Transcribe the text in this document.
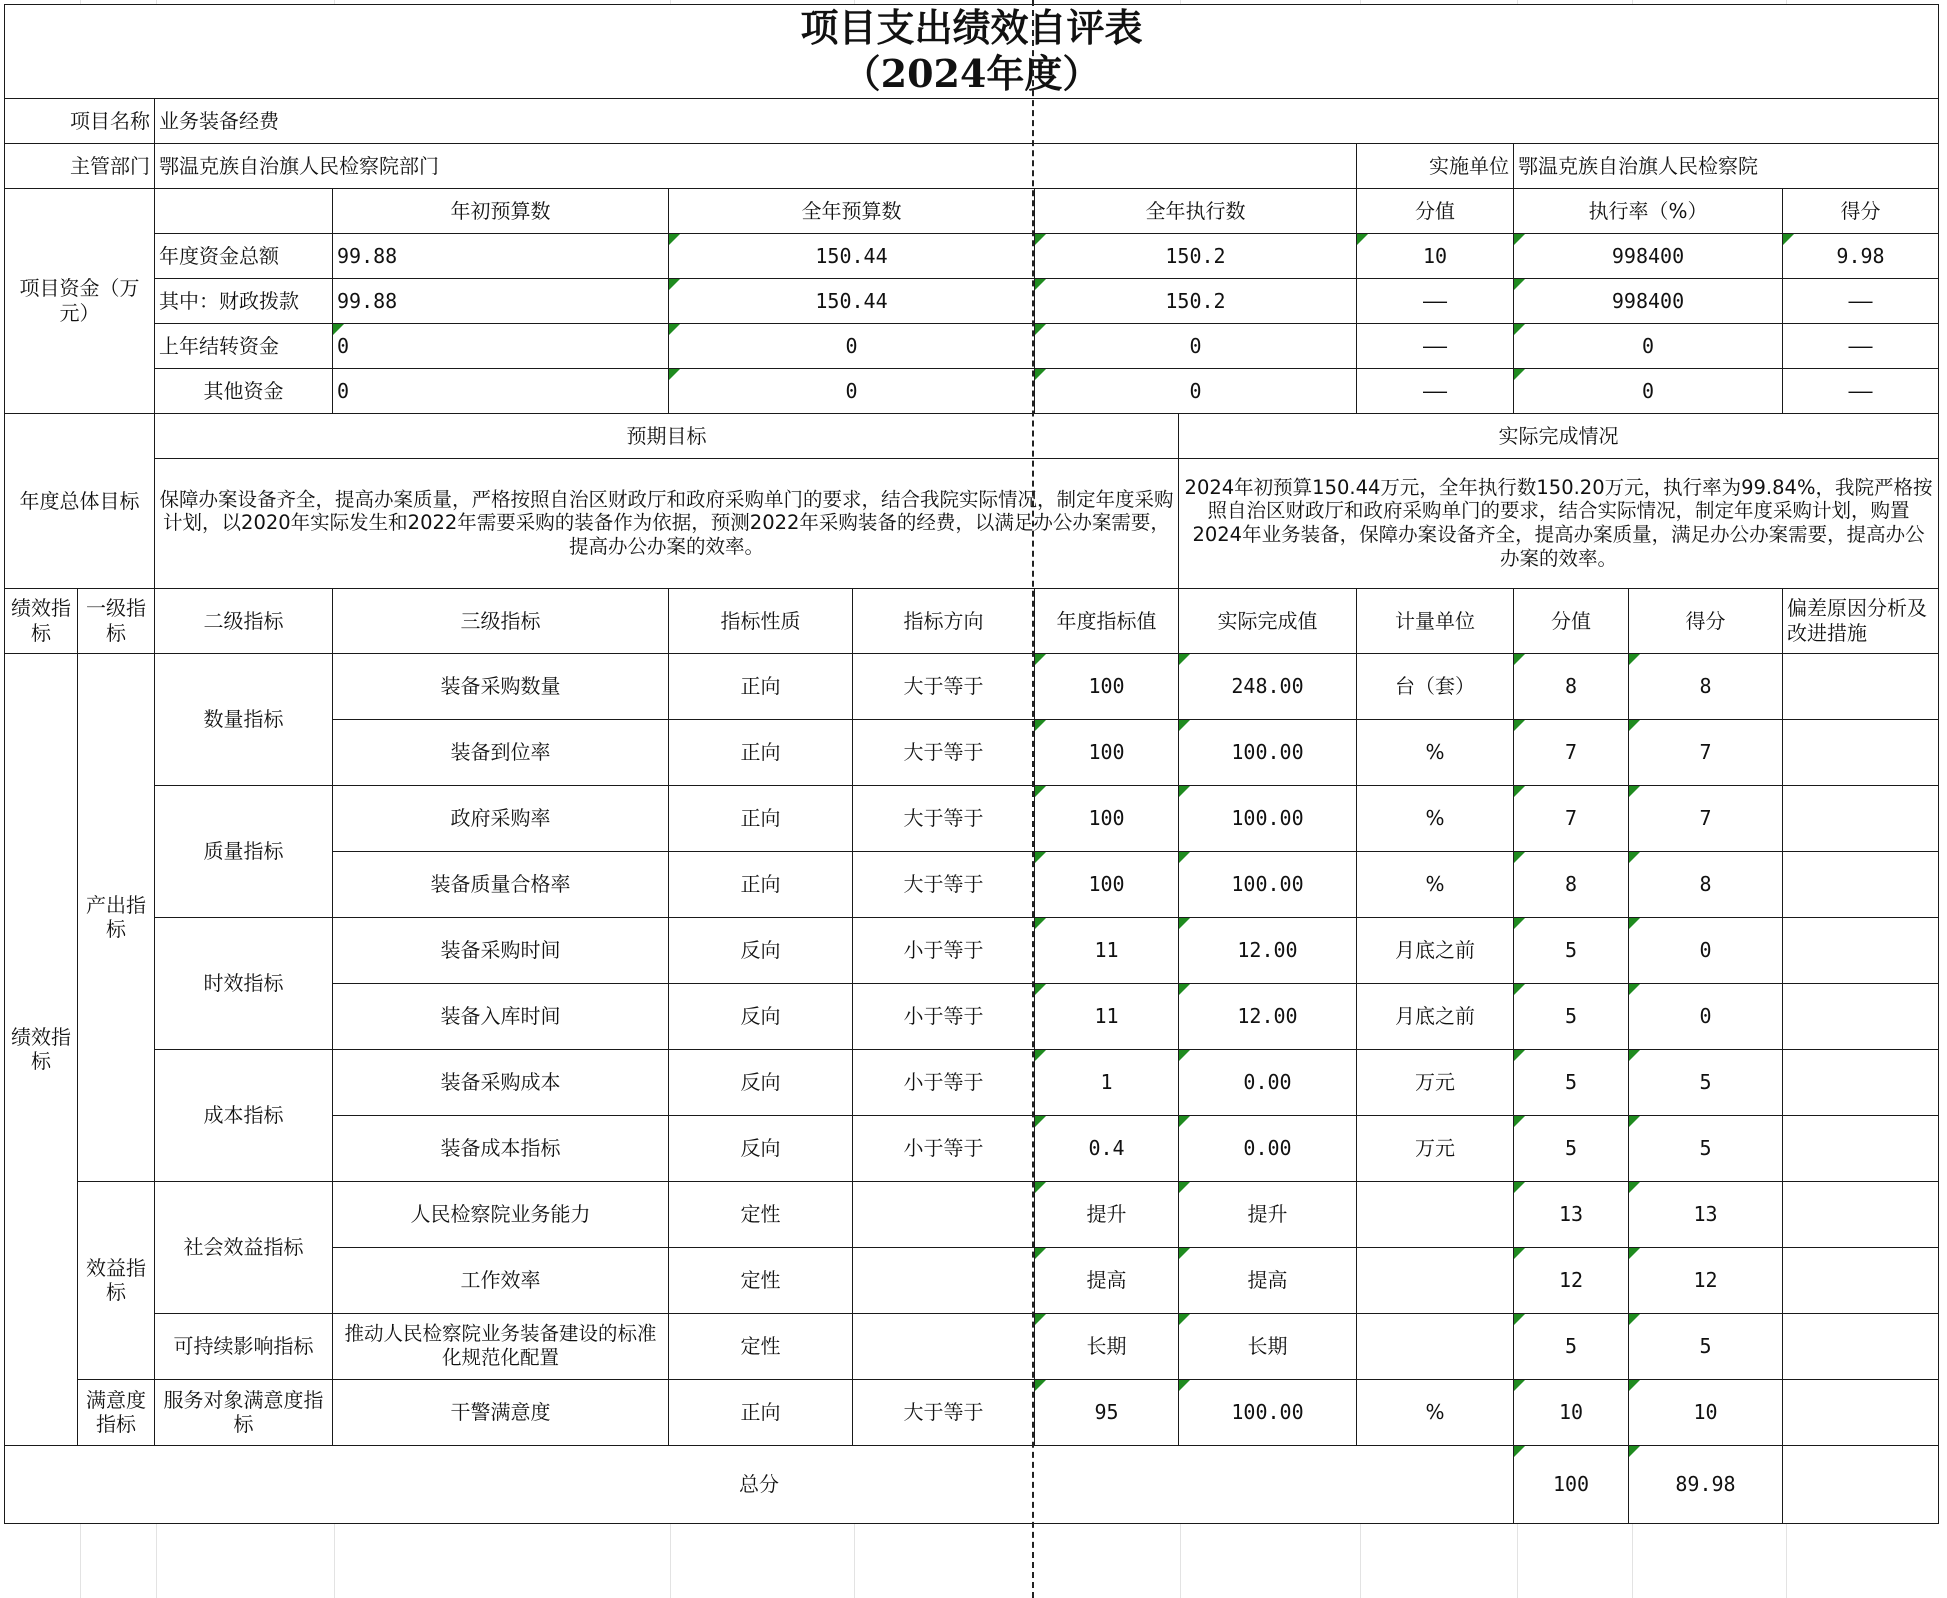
项目支出绩效自评表
（2024年度）											

项目名称		业务装备经费									
主管部门		鄂温克族自治旗人民检察院部门						实施单位	鄂温克族自治旗人民检察院		
项目资金（万元）			年初预算数	全年预算数		全年执行数		分值	执行率（%）		得分
		年度资金总额	99.88	150.44		150.2		10	998400		9.98
		其中：财政拨款	99.88	150.44		150.2		——	998400		——
		上年结转资金	0	0		0		——	0		——
		其他资金	0	0		0		——	0		——
年度总体目标		预期目标					实际完成情况				
		保障办案设备齐全，提高办案质量，严格按照自治区财政厅和政府采购单门的要求，结合我院实际情况，制定年度采购计划，以2020年实际发生和2022年需要采购的装备作为依据，预测2022年采购装备的经费，以满足办公办案需要，提高办公办案的效率。					2024年初预算150.44万元，全年执行数150.20万元，执行率为99.84%，我院严格按照自治区财政厅和政府采购单门的要求，结合实际情况，制定年度采购计划，购置2024年业务装备，保障办案设备齐全，提高办案质量，满足办公办案需要，提高办公办案的效率。				
绩效指标	一级指标	二级指标	三级指标	指标性质	指标方向	年度指标值	实际完成值	计量单位	分值	得分	偏差原因分析及改进措施
绩效指标	产出指标	数量指标	装备采购数量	正向	大于等于	100	248.00	台（套）	8	8	
			装备到位率	正向	大于等于	100	100.00	%	7	7	
		质量指标	政府采购率	正向	大于等于	100	100.00	%	7	7	
			装备质量合格率	正向	大于等于	100	100.00	%	8	8	
		时效指标	装备采购时间	反向	小于等于	11	12.00	月底之前	5	0	
			装备入库时间	反向	小于等于	11	12.00	月底之前	5	0	
		成本指标	装备采购成本	反向	小于等于	1	0.00	万元	5	5	
			装备成本指标	反向	小于等于	0.4	0.00	万元	5	5	
	效益指标	社会效益指标	人民检察院业务能力	定性		提升	提升		13	13	
			工作效率	定性		提高	提高		12	12	
		可持续影响指标	推动人民检察院业务装备建设的标准化规范化配置	定性		长期	长期		5	5	
	满意度指标	服务对象满意度指标	干警满意度	正向	大于等于	95	100.00	%	10	10	
总分									100	89.98	
